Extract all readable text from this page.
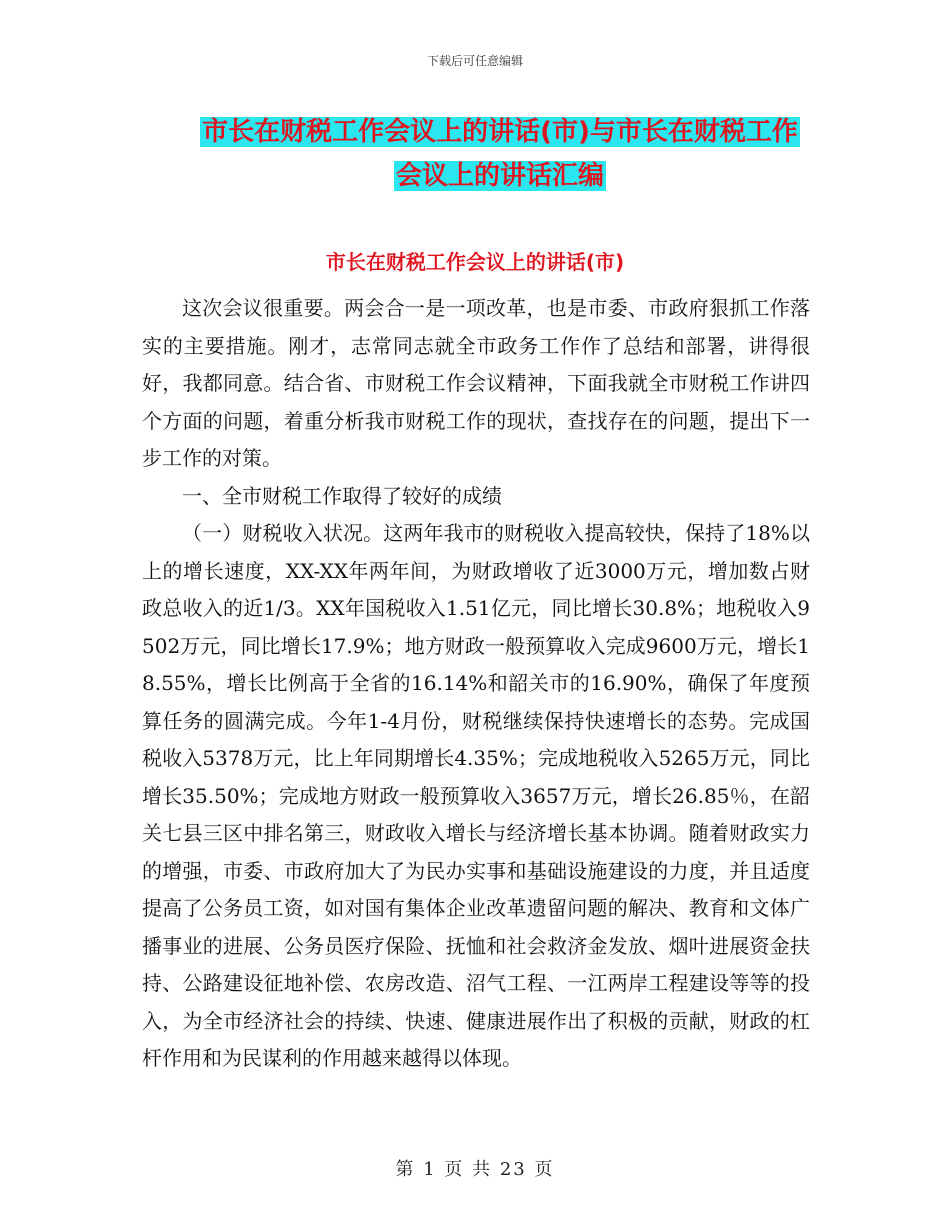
下载后可任意编辑
市长在财税工作会议上的讲话(市)与市长在财税工作
会议上的讲话汇编
市长在财税工作会议上的讲话(市)

这次会议很重要。两会合一是一项改革，也是市委、市政府狠抓工作落实的主要措施。刚才，志常同志就全市政务工作作了总结和部署，讲得很好，我都同意。结合省、市财税工作会议精神，下面我就全市财税工作讲四个方面的问题，着重分析我市财税工作的现状，查找存在的问题，提出下一步工作的对策。

一、全市财税工作取得了较好的成绩

（一）财税收入状况。这两年我市的财税收入提高较快，保持了18%以上的增长速度，XX-XX年两年间，为财政增收了近3000万元，增加数占财政总收入的近1/3。XX年国税收入1.51亿元，同比增长30.8%；地税收入9502万元，同比增长17.9%；地方财政一般预算收入完成9600万元，增长18.55%，增长比例高于全省的16.14%和韶关市的16.90%，确保了年度预算任务的圆满完成。今年1-4月份，财税继续保持快速增长的态势。完成国税收入5378万元，比上年同期增长4.35%；完成地税收入5265万元，同比增长35.50%；完成地方财政一般预算收入3657万元，增长26.85％，在韶关七县三区中排名第三，财政收入增长与经济增长基本协调。随着财政实力的增强，市委、市政府加大了为民办实事和基础设施建设的力度，并且适度提高了公务员工资，如对国有集体企业改革遗留问题的解决、教育和文体广播事业的进展、公务员医疗保险、抚恤和社会救济金发放、烟叶进展资金扶持、公路建设征地补偿、农房改造、沼气工程、一江两岸工程建设等等的投入，为全市经济社会的持续、快速、健康进展作出了积极的贡献，财政的杠杆作用和为民谋利的作用越来越得以体现。

第 1 页 共 23 页
